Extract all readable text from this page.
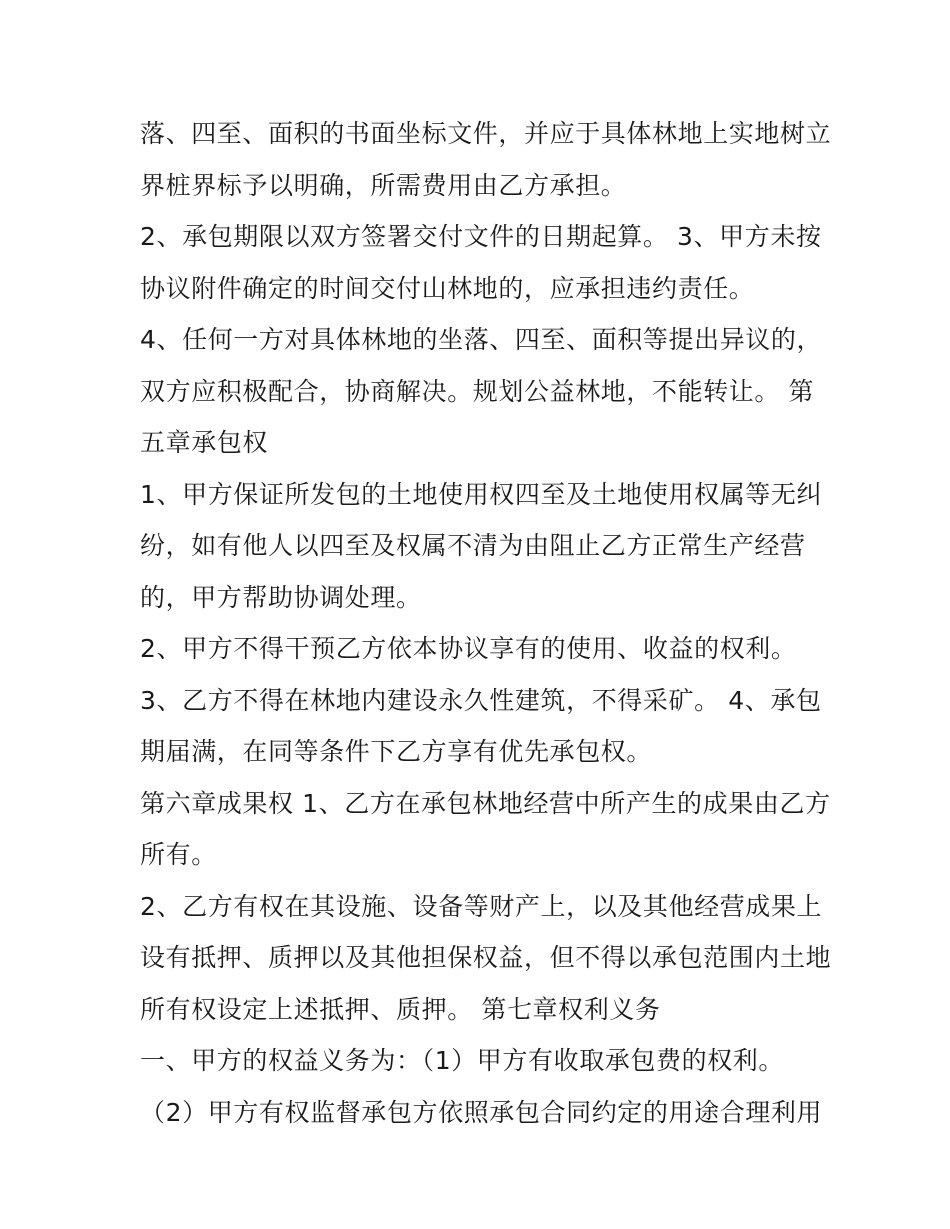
落、四至、面积的书面坐标文件，并应于具体林地上实地树立
界桩界标予以明确，所需费用由乙方承担。
2、承包期限以双方签署交付文件的日期起算。 3、甲方未按
协议附件确定的时间交付山林地的，应承担违约责任。
4、任何一方对具体林地的坐落、四至、面积等提出异议的，
双方应积极配合，协商解决。规划公益林地，不能转让。 第
五章承包权
1、甲方保证所发包的土地使用权四至及土地使用权属等无纠
纷，如有他人以四至及权属不清为由阻止乙方正常生产经营
的，甲方帮助协调处理。
2、甲方不得干预乙方依本协议享有的使用、收益的权利。
3、乙方不得在林地内建设永久性建筑，不得采矿。 4、承包
期届满，在同等条件下乙方享有优先承包权。
第六章成果权 1、乙方在承包林地经营中所产生的成果由乙方
所有。
2、乙方有权在其设施、设备等财产上，以及其他经营成果上
设有抵押、质押以及其他担保权益，但不得以承包范围内土地
所有权设定上述抵押、质押。 第七章权利义务
一、甲方的权益义务为：（1）甲方有收取承包费的权利。
（2）甲方有权监督承包方依照承包合同约定的用途合理利用
